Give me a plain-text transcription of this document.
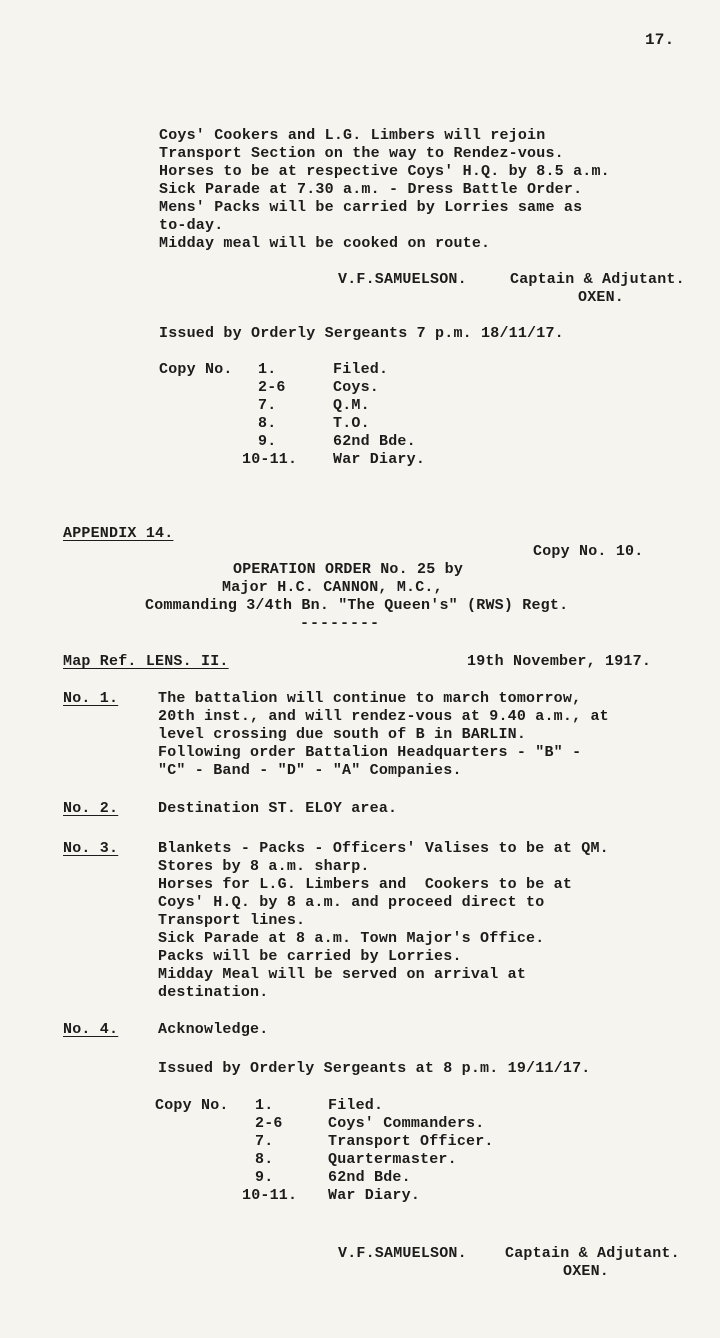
17.
Coys' Cookers and L.G. Limbers will rejoin
Transport Section on the way to Rendez-vous.
Horses to be at respective Coys' H.Q. by 8.5 a.m.
Sick Parade at 7.30 a.m. - Dress Battle Order.
Mens' Packs will be carried by Lorries same as
to-day.
Midday meal will be cooked on route.
V.F.SAMUELSON.	Captain & Adjutant.
OXEN.
Issued by Orderly Sergeants 7 p.m. 18/11/17.
Copy No. 1.	Filed.
2-6	Coys.
7.	Q.M.
8.	T.O.
9.	62nd Bde.
10-11. War Diary.
APPENDIX 14.
Copy No. 10.
OPERATION ORDER No. 25 by
Major H.C. CANNON, M.C.,
Commanding 3/4th Bn. "The Queen's" (RWS) Regt.
--------
Map Ref. LENS. II.	19th November, 1917.
No. 1.	The battalion will continue to march tomorrow,
20th inst., and will rendez-vous at 9.40 a.m., at
level crossing due south of B in BARLIN.
Following order Battalion Headquarters - "B" -
"C" - Band - "D" - "A" Companies.
No. 2.	Destination ST. ELOY area.
No. 3.	Blankets - Packs - Officers' Valises to be at QM.
Stores by 8 a.m. sharp.
Horses for L.G. Limbers and  Cookers to be at
Coys' H.Q. by 8 a.m. and proceed direct to
Transport lines.
Sick Parade at 8 a.m. Town Major's Office.
Packs will be carried by Lorries.
Midday Meal will be served on arrival at
destination.
No. 4.	Acknowledge.
Issued by Orderly Sergeants at 8 p.m. 19/11/17.
Copy No. 1.	Filed.
2-6	Coys' Commanders.
7.	Transport Officer.
8.	Quartermaster.
9.	62nd Bde.
10-11. War Diary.
V.F.SAMUELSON.	Captain & Adjutant.
OXEN.
